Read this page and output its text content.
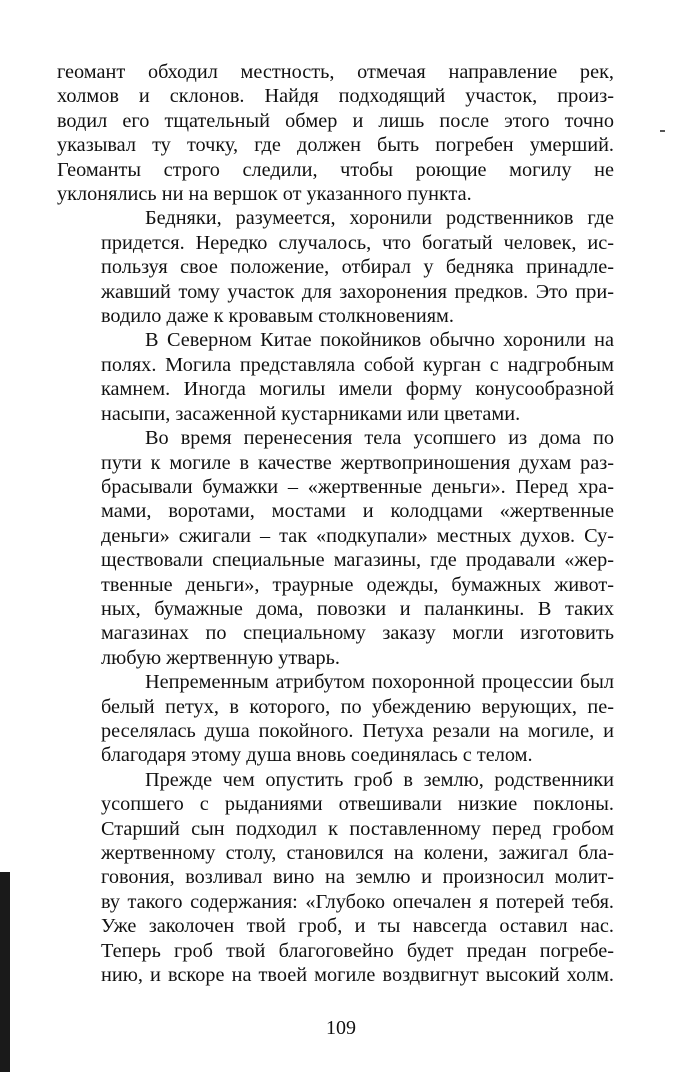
геомант обходил местность, отмечая направление рек,
холмов и склонов. Найдя подходящий участок, произ-
водил его тщательный обмер и лишь после этого точно
указывал ту точку, где должен быть погребен умерший.
Геоманты строго следили, чтобы роющие могилу не
уклонялись ни на вершок от указанного пункта.

Бедняки, разумеется, хоронили родственников где
придется. Нередко случалось, что богатый человек, ис-
пользуя свое положение, отбирал у бедняка принадле-
жавший тому участок для захоронения предков. Это при-
водило даже к кровавым столкновениям.

В Северном Китае покойников обычно хоронили на
полях. Могила представляла собой курган с надгробным
камнем. Иногда могилы имели форму конусообразной
насыпи, засаженной кустарниками или цветами.

Во время перенесения тела усопшего из дома по
пути к могиле в качестве жертвоприношения духам раз-
брасывали бумажки – «жертвенные деньги». Перед хра-
мами, воротами, мостами и колодцами «жертвенные
деньги» сжигали – так «подкупали» местных духов. Су-
ществовали специальные магазины, где продавали «жер-
твенные деньги», траурные одежды, бумажных живот-
ных, бумажные дома, повозки и паланкины. В таких
магазинах по специальному заказу могли изготовить
любую жертвенную утварь.

Непременным атрибутом похоронной процессии был
белый петух, в которого, по убеждению верующих, пе-
реселялась душа покойного. Петуха резали на могиле, и
благодаря этому душа вновь соединялась с телом.

Прежде чем опустить гроб в землю, родственники
усопшего с рыданиями отвешивали низкие поклоны.
Старший сын подходил к поставленному перед гробом
жертвенному столу, становился на колени, зажигал бла-
говония, возливал вино на землю и произносил молит-
ву такого содержания: «Глубоко опечален я потерей тебя.
Уже заколочен твой гроб, и ты навсегда оставил нас.
Теперь гроб твой благоговейно будет предан погребе-
нию, и вскоре на твоей могиле воздвигнут высокий холм.

109
